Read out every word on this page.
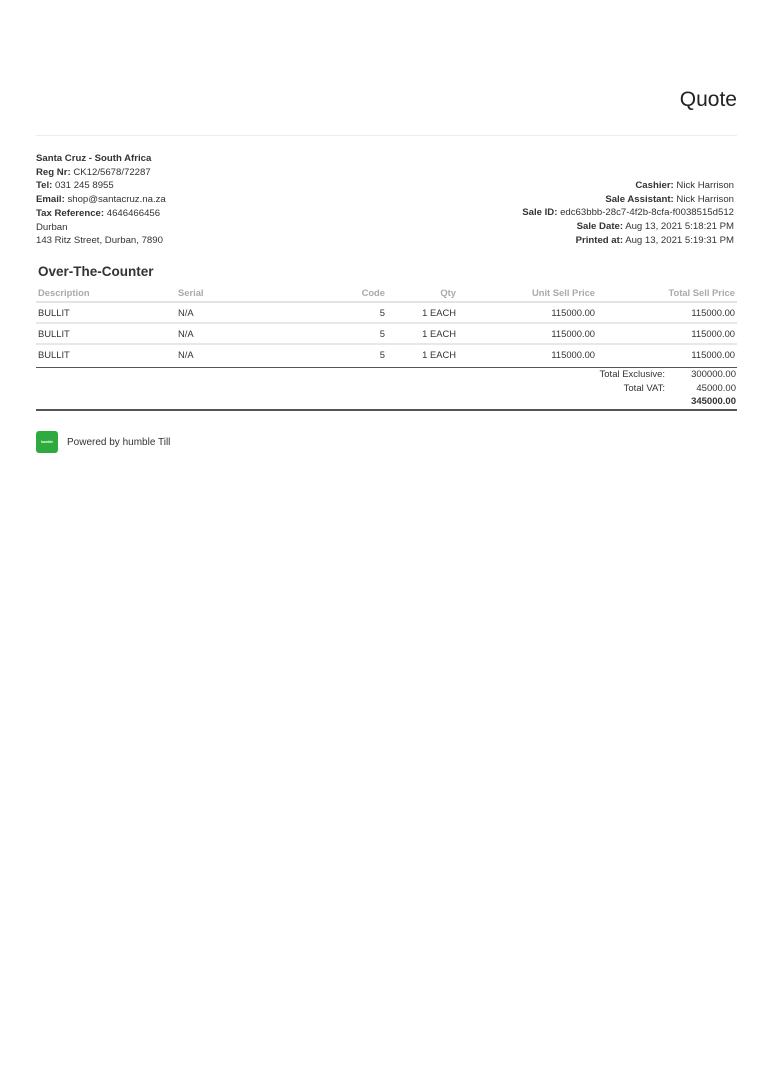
Quote
Santa Cruz - South Africa
Reg Nr: CK12/5678/72287
Tel: 031 245 8955
Email: shop@santacruz.na.za
Tax Reference: 4646466456
Durban
143 Ritz Street, Durban, 7890
Cashier: Nick Harrison
Sale Assistant: Nick Harrison
Sale ID: edc63bbb-28c7-4f2b-8cfa-f0038515d512
Sale Date: Aug 13, 2021 5:18:21 PM
Printed at: Aug 13, 2021 5:19:31 PM
Over-The-Counter
Description	Serial	Code	Qty	Unit Sell Price	Total Sell Price
BULLIT	N/A	5	1 EACH	115000.00	115000.00
BULLIT	N/A	5	1 EACH	115000.00	115000.00
BULLIT	N/A	5	1 EACH	115000.00	115000.00
Total Exclusive:	300000.00
Total VAT:	45000.00
345000.00
humble Powered by humble Till
